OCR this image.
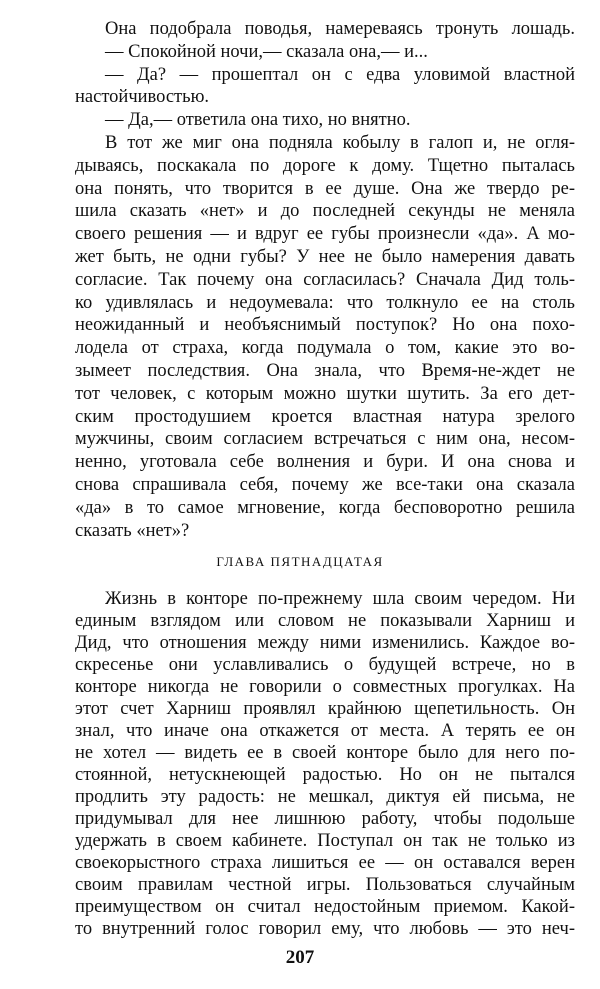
Она подобрала поводья, намереваясь тронуть лошадь.
— Спокойной ночи,— сказала она,— и...
— Да? — прошептал он с едва уловимой властной
настойчивостью.
— Да,— ответила она тихо, но внятно.
В тот же миг она подняла кобылу в галоп и, не огля-
дываясь, поскакала по дороге к дому. Тщетно пыталась
она понять, что творится в ее душе. Она же твердо ре-
шила сказать «нет» и до последней секунды не меняла
своего решения — и вдруг ее губы произнесли «да». А мо-
жет быть, не одни губы? У нее не было намерения давать
согласие. Так почему она согласилась? Сначала Дид толь-
ко удивлялась и недоумевала: что толкнуло ее на столь
неожиданный и необъяснимый поступок? Но она похо-
лодела от страха, когда подумала о том, какие это во-
зымеет последствия. Она знала, что Время-не-ждет не
тот человек, с которым можно шутки шутить. За его дет-
ским простодушием кроется властная натура зрелого
мужчины, своим согласием встречаться с ним она, несом-
ненно, уготовала себе волнения и бури. И она снова и
снова спрашивала себя, почему же все-таки она сказала
«да» в то самое мгновение, когда бесповоротно решила
сказать «нет»?
ГЛАВА ПЯТНАДЦАТАЯ
Жизнь в конторе по-прежнему шла своим чередом. Ни
единым взглядом или словом не показывали Харниш и
Дид, что отношения между ними изменились. Каждое во-
скресенье они уславливались о будущей встрече, но в
конторе никогда не говорили о совместных прогулках. На
этот счет Харниш проявлял крайнюю щепетильность. Он
знал, что иначе она откажется от места. А терять ее он
не хотел — видеть ее в своей конторе было для него по-
стоянной, нетускнеющей радостью. Но он не пытался
продлить эту радость: не мешкал, диктуя ей письма, не
придумывал для нее лишнюю работу, чтобы подольше
удержать в своем кабинете. Поступал он так не только из
своекорыстного страха лишиться ее — он оставался верен
своим правилам честной игры. Пользоваться случайным
преимуществом он считал недостойным приемом. Какой-
то внутренний голос говорил ему, что любовь — это неч-
207
